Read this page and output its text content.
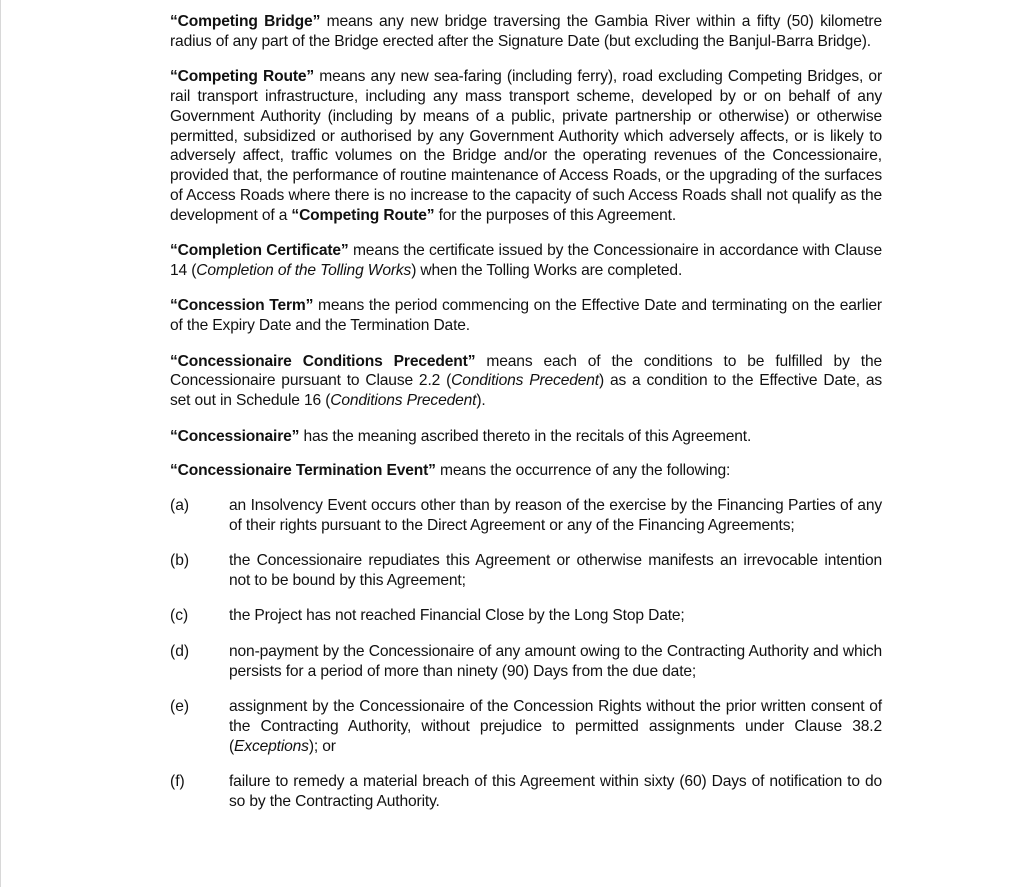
“Competing Bridge” means any new bridge traversing the Gambia River within a fifty (50) kilometre radius of any part of the Bridge erected after the Signature Date (but excluding the Banjul-Barra Bridge).

“Competing Route” means any new sea-faring (including ferry), road excluding Competing Bridges, or rail transport infrastructure, including any mass transport scheme, developed by or on behalf of any Government Authority (including by means of a public, private partnership or otherwise) or otherwise permitted, subsidized or authorised by any Government Authority which adversely affects, or is likely to adversely affect, traffic volumes on the Bridge and/or the operating revenues of the Concessionaire, provided that, the performance of routine maintenance of Access Roads, or the upgrading of the surfaces of Access Roads where there is no increase to the capacity of such Access Roads shall not qualify as the development of a “Competing Route” for the purposes of this Agreement.

“Completion Certificate” means the certificate issued by the Concessionaire in accordance with Clause 14 (Completion of the Tolling Works) when the Tolling Works are completed.

“Concession Term” means the period commencing on the Effective Date and terminating on the earlier of the Expiry Date and the Termination Date.

“Concessionaire Conditions Precedent” means each of the conditions to be fulfilled by the Concessionaire pursuant to Clause 2.2 (Conditions Precedent) as a condition to the Effective Date, as set out in Schedule 16 (Conditions Precedent).

“Concessionaire” has the meaning ascribed thereto in the recitals of this Agreement.

“Concessionaire Termination Event” means the occurrence of any the following:

(a)	an Insolvency Event occurs other than by reason of the exercise by the Financing Parties of any of their rights pursuant to the Direct Agreement or any of the Financing Agreements;
(b)	the Concessionaire repudiates this Agreement or otherwise manifests an irrevocable intention not to be bound by this Agreement;
(c)	the Project has not reached Financial Close by the Long Stop Date;
(d)	non-payment by the Concessionaire of any amount owing to the Contracting Authority and which persists for a period of more than ninety (90) Days from the due date;
(e)	assignment by the Concessionaire of the Concession Rights without the prior written consent of the Contracting Authority, without prejudice to permitted assignments under Clause 38.2 (Exceptions); or
(f)	failure to remedy a material breach of this Agreement within sixty (60) Days of notification to do so by the Contracting Authority.
